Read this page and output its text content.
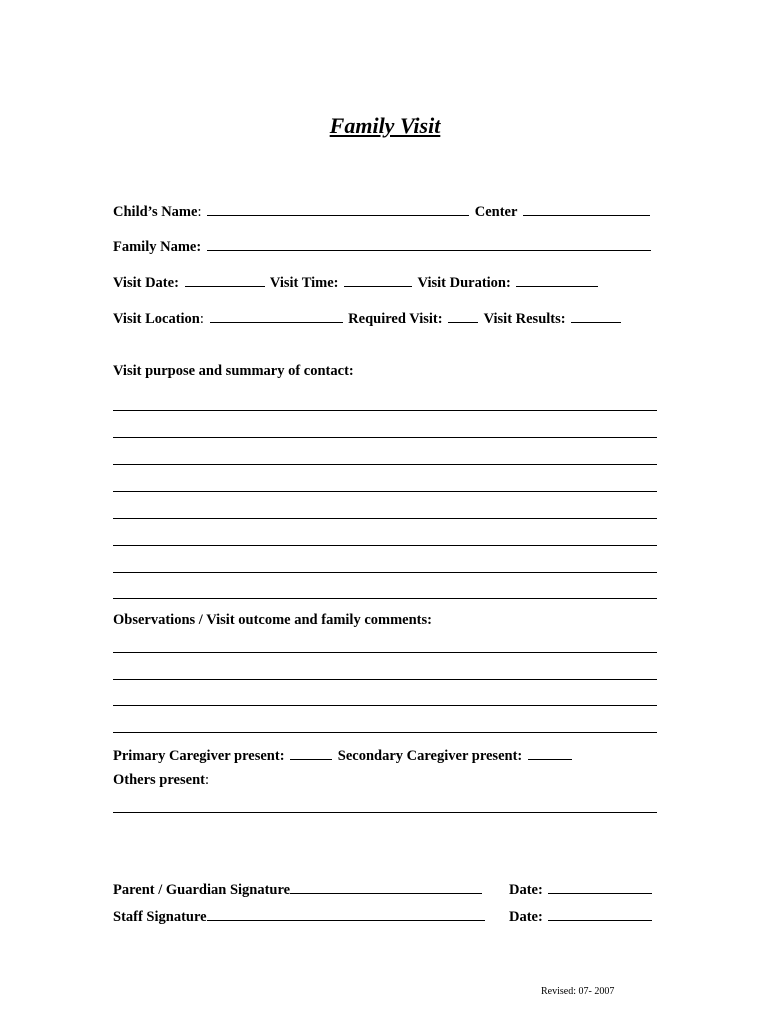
Family Visit
Child’s Name:	Center
Family Name:
Visit Date:	Visit Time:	Visit Duration:
Visit Location:	Required Visit:	Visit Results:
Visit purpose and summary of contact:
Observations / Visit outcome and family comments:
Primary Caregiver present:	Secondary Caregiver present:
Others present:
Parent / Guardian Signature	Date:
Staff Signature	Date:
Revised: 07- 2007
